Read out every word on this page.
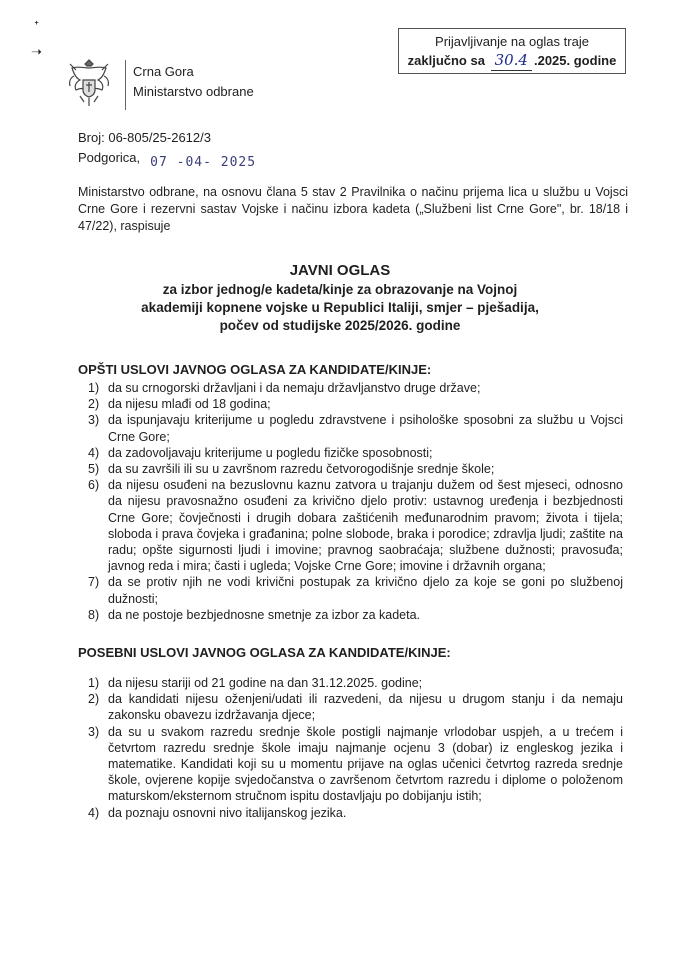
ᐩ
➝
Prijavljivanje na oglas traje
zaključno sa 30.4 .2025. godine
Crna Gora
Ministarstvo odbrane
Broj: 06-805/25-2612/3
Podgorica, 07 -04- 2025
Ministarstvo odbrane, na osnovu člana 5 stav 2 Pravilnika o načinu prijema lica u službu u Vojsci Crne Gore i rezervni sastav Vojske i načinu izbora kadeta („Službeni list Crne Gore", br. 18/18 i 47/22), raspisuje
JAVNI OGLAS
za izbor jednog/e kadeta/kinje za obrazovanje na Vojnoj
akademiji kopnene vojske u Republici Italiji, smjer – pješadija,
počev od studijske 2025/2026. godine
OPŠTI USLOVI JAVNOG OGLASA ZA KANDIDATE/KINJE:
1) da su crnogorski državljani i da nemaju državljanstvo druge države;
2) da nijesu mlađi od 18 godina;
3) da ispunjavaju kriterijume u pogledu zdravstvene i psihološke sposobni za službu u Vojsci Crne Gore;
4) da zadovoljavaju kriterijume u pogledu fizičke sposobnosti;
5) da su završili ili su u završnom razredu četvorogodišnje srednje škole;
6) da nijesu osuđeni na bezuslovnu kaznu zatvora u trajanju dužem od šest mjeseci, odnosno da nijesu pravosnažno osuđeni za krivično djelo protiv: ustavnog uređenja i bezbjednosti Crne Gore; čovječnosti i drugih dobara zaštićenih međunarodnim pravom; života i tijela; sloboda i prava čovjeka i građanina; polne slobode, braka i porodice; zdravlja ljudi; zaštite na radu; opšte sigurnosti ljudi i imovine; pravnog saobraćaja; službene dužnosti; pravosuđa; javnog reda i mira; časti i ugleda; Vojske Crne Gore; imovine i državnih organa;
7) da se protiv njih ne vodi krivični postupak za krivično djelo za koje se goni po službenoj dužnosti;
8) da ne postoje bezbjednosne smetnje za izbor za kadeta.
POSEBNI USLOVI JAVNOG OGLASA ZA KANDIDATE/KINJE:
1) da nijesu stariji od 21 godine na dan 31.12.2025. godine;
2) da kandidati nijesu oženjeni/udati ili razvedeni, da nijesu u drugom stanju i da nemaju zakonsku obavezu izdržavanja djece;
3) da su u svakom razredu srednje škole postigli najmanje vrlodobar uspjeh, a u trećem i četvrtom razredu srednje škole imaju najmanje ocjenu 3 (dobar) iz engleskog jezika i matematike. Kandidati koji su u momentu prijave na oglas učenici četvrtog razreda srednje škole, ovjerene kopije svjedočanstva o završenom četvrtom razredu i diplome o položenom maturskom/eksternom stručnom ispitu dostavljaju po dobijanju istih;
4) da poznaju osnovni nivo italijanskog jezika.
